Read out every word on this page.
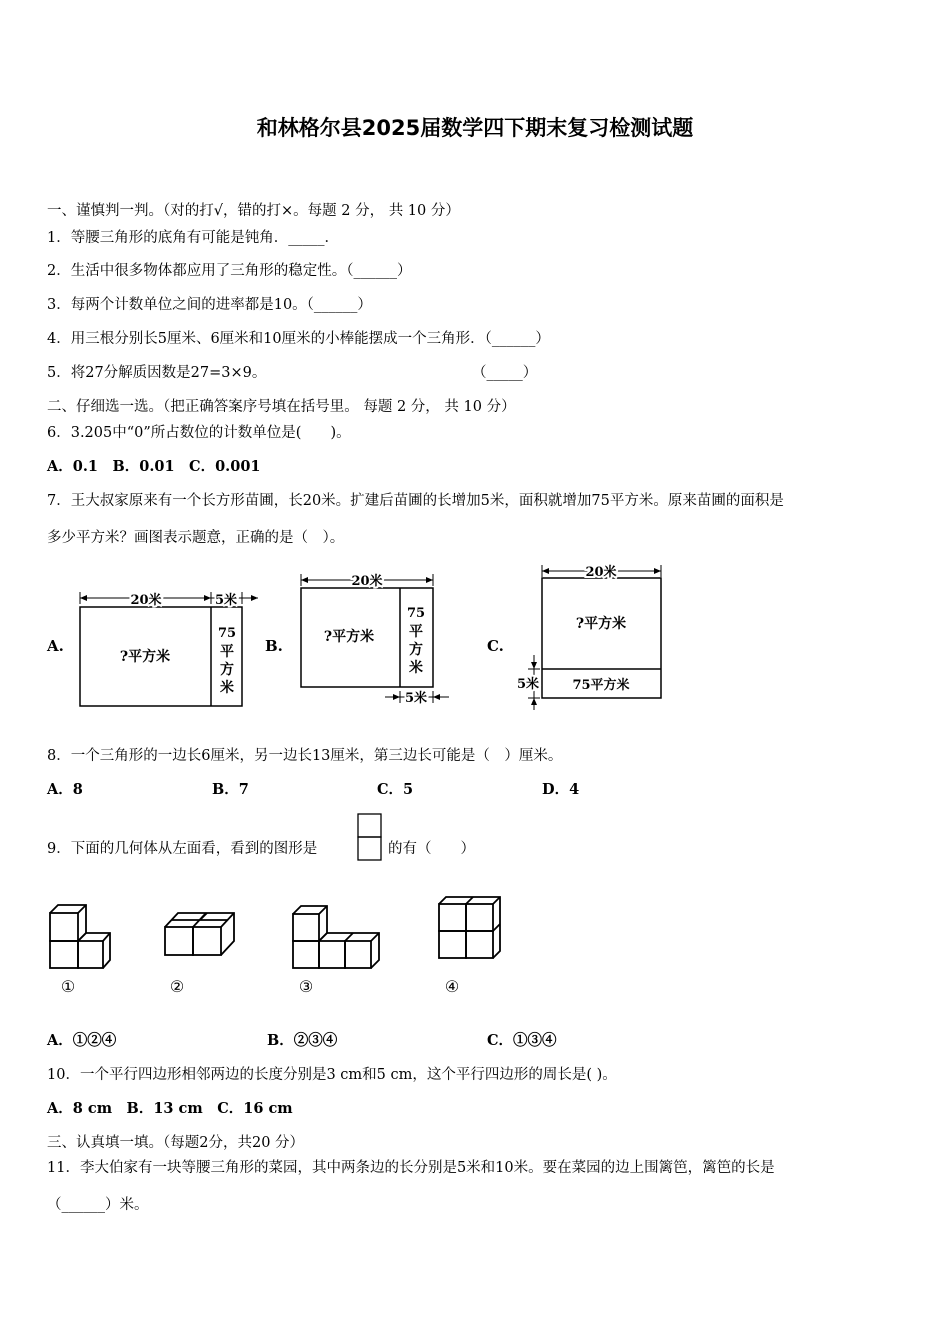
和林格尔县2025届数学四下期末复习检测试题
一、谨慎判一判。（对的打√，错的打×。每题 2 分， 共 10 分）
1．等腰三角形的底角有可能是钝角．_____．
2．生活中很多物体都应用了三角形的稳定性。（______）
3．每两个计数单位之间的进率都是10。（______）
4．用三根分别长5厘米、6厘米和10厘米的小棒能摆成一个三角形．（______）
5．将27分解质因数是27=3×9。	（_____）
二、仔细选一选。（把正确答案序号填在括号里。 每题 2 分， 共 10 分）
6．3.205中“0”所占数位的计数单位是(　　)。
A．0.1　B．0.01　C．0.001
7．王大叔家原来有一个长方形苗圃，长20米。扩建后苗圃的长增加5米，面积就增加75平方米。原来苗圃的面积是
多少平方米？画图表示题意，正确的是（　）。
A.	B.	C.
20米	5米
?平方米
75
平
方
米
20米
?平方米
75
平
方
米
5米
20米
?平方米
5米	75平方米
8．一个三角形的一边长6厘米，另一边长13厘米，第三边长可能是（　）厘米。
A．8	B．7	C．5	D．4
9．下面的几何体从左面看，看到的图形是	的有（　　）
①	②	③	④
A．①②④	B．②③④	C．①③④
10．一个平行四边形相邻两边的长度分别是3 cm和5 cm，这个平行四边形的周长是( )。
A．8 cm　B．13 cm　C．16 cm
三、认真填一填。（每题2分，共20 分）
11．李大伯家有一块等腰三角形的菜园，其中两条边的长分别是5米和10米。要在菜园的边上围篱笆，篱笆的长是
（______）米。
